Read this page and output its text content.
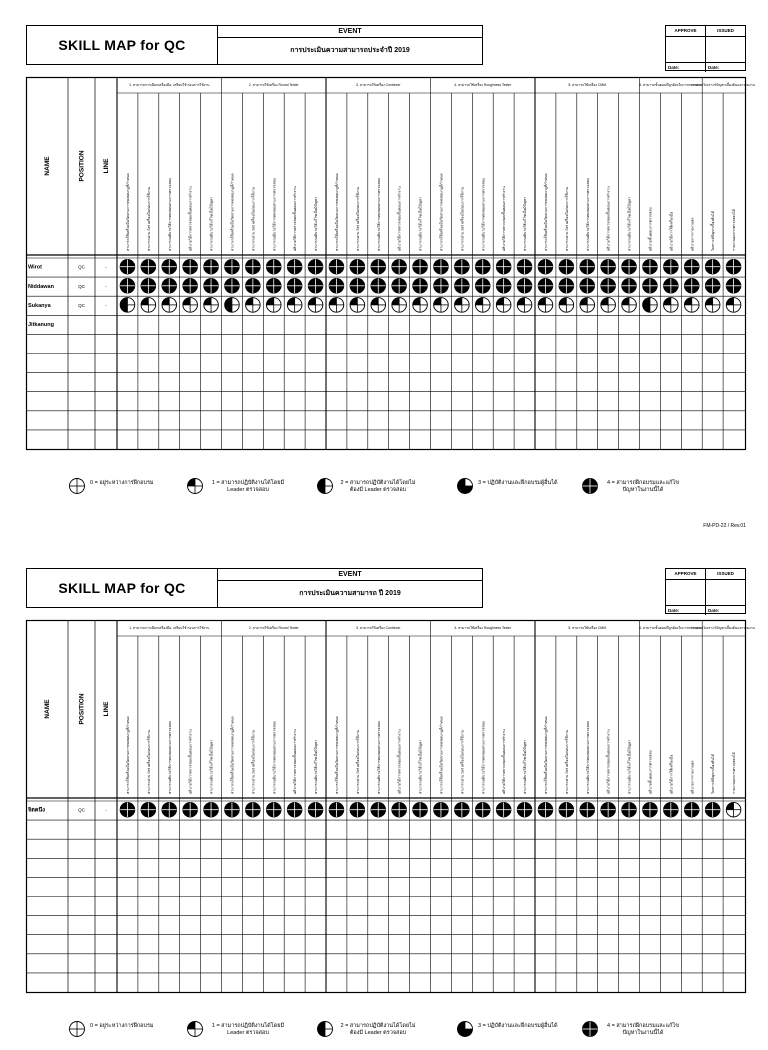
SKILL MAP for QC
EVENT
การประเมินความสามารถประจำปี 2019
APPROVE	ISSUED
Date:	Date:
NAME	POSITION	LINE
1. สามารถการเลือกเครื่องมือ, เตรียมใช้ ก่อนการใช้งาน	2. สามารถใช้เครื่อง Round Tester	3. สามารถใช้เครื่อง Contrecer	4. สามารถใช้เครื่อง Roughness Tester	5. สามารถใช้เครื่อง CMM	6. สามารถขั้นตอนที่ถูกต้องในการตรวจสอบ
สามารถวิเคราะห์ปัญหาเบื้องต้นและรายงาน
สามารถใช้เครื่องมือวัดตามการทดสอบกฎที่กำหนด	สามารถอ่าน Set เครื่องมือก่อนการใช้งาน	สามารถอธิบายวิธีการทดสอบตามการตรวจสอบ	อธิบายวิธีการตรวจสอบขั้นตอนการทำงาน	สามารถอธิบายวิธีแก้ไขเมื่อมีปัญหา	สามารถใช้เครื่องมือวัดตามการทดสอบกฎที่กำหนด	สามารถอ่าน Set เครื่องมือก่อนการใช้งาน	สามารถอธิบายวิธีการทดสอบตามการตรวจสอบ	อธิบายวิธีการตรวจสอบขั้นตอนการทำงาน	สามารถอธิบายวิธีแก้ไขเมื่อมีปัญหา	สามารถใช้เครื่องมือวัดตามการทดสอบกฎที่กำหนด	สามารถอ่าน Set เครื่องมือก่อนการใช้งาน	สามารถอธิบายวิธีการทดสอบตามการตรวจสอบ	อธิบายวิธีการตรวจสอบขั้นตอนการทำงาน	สามารถอธิบายวิธีแก้ไขเมื่อมีปัญหา	สามารถใช้เครื่องมือวัดตามการทดสอบกฎที่กำหนด	สามารถอ่าน Set เครื่องมือก่อนการใช้งาน	สามารถอธิบายวิธีการทดสอบตามการตรวจสอบ	อธิบายวิธีการตรวจสอบขั้นตอนการทำงาน	สามารถอธิบายวิธีแก้ไขเมื่อมีปัญหา	สามารถใช้เครื่องมือวัดตามการทดสอบกฎที่กำหนด	สามารถอ่าน Set เครื่องมือก่อนการใช้งาน	สามารถอธิบายวิธีการทดสอบตามการตรวจสอบ	อธิบายวิธีการตรวจสอบขั้นตอนการทำงาน	สามารถอธิบายวิธีแก้ไขเมื่อมีปัญหา	อธิบายขั้นตอนการตรวจสอบ	อธิบายวิธีการใช้เครื่องมือ	อธิบายการรายงานผล	วิเคราะห์ปัญหาเบื้องต้นได้	รายงานผลการตรวจสอบได้
Wirot	QC	-
Niddawan	QC	-
Sukanya	QC	-
Jitkanung
0 = อยู่ระหว่างการฝึกอบรม	1 = สามารถปฏิบัติงานได้โดยมี Leader ตรวจสอบ
2 = สามารถปฏิบัติงานได้โดยไม่ต้องมี Leader ตรวจสอบ
3 = ปฏิบัติงานและฝึกอบรมผู้อื่นได้	4 = สามารถฝึกอบรมและแก้ไขปัญหาในงานนี้ได้
FM-PD-22 / Rev.01
SKILL MAP for QC
EVENT
การประเมินความสามารถ ปี 2019
APPROVE	ISSUED
Date:	Date:
NAME	POSITION	LINE
1. สามารถการเลือกเครื่องมือ, เตรียมใช้ ก่อนการใช้งาน	2. สามารถใช้เครื่อง Round Tester	3. สามารถใช้เครื่อง Contrecer	4. สามารถใช้เครื่อง Roughness Tester	5. สามารถใช้เครื่อง CMM	6. สามารถขั้นตอนที่ถูกต้องในการตรวจสอบ
สามารถวิเคราะห์ปัญหาเบื้องต้นและรายงาน
สามารถใช้เครื่องมือวัดตามการทดสอบกฎที่กำหนด	สามารถอ่าน Set เครื่องมือก่อนการใช้งาน	สามารถอธิบายวิธีการทดสอบตามการตรวจสอบ	อธิบายวิธีการตรวจสอบขั้นตอนการทำงาน	สามารถอธิบายวิธีแก้ไขเมื่อมีปัญหา	สามารถใช้เครื่องมือวัดตามการทดสอบกฎที่กำหนด	สามารถอ่าน Set เครื่องมือก่อนการใช้งาน	สามารถอธิบายวิธีการทดสอบตามการตรวจสอบ	อธิบายวิธีการตรวจสอบขั้นตอนการทำงาน	สามารถอธิบายวิธีแก้ไขเมื่อมีปัญหา	สามารถใช้เครื่องมือวัดตามการทดสอบกฎที่กำหนด	สามารถอ่าน Set เครื่องมือก่อนการใช้งาน	สามารถอธิบายวิธีการทดสอบตามการตรวจสอบ	อธิบายวิธีการตรวจสอบขั้นตอนการทำงาน	สามารถอธิบายวิธีแก้ไขเมื่อมีปัญหา	สามารถใช้เครื่องมือวัดตามการทดสอบกฎที่กำหนด	สามารถอ่าน Set เครื่องมือก่อนการใช้งาน	สามารถอธิบายวิธีการทดสอบตามการตรวจสอบ	อธิบายวิธีการตรวจสอบขั้นตอนการทำงาน	สามารถอธิบายวิธีแก้ไขเมื่อมีปัญหา	สามารถใช้เครื่องมือวัดตามการทดสอบกฎที่กำหนด	สามารถอ่าน Set เครื่องมือก่อนการใช้งาน	สามารถอธิบายวิธีการทดสอบตามการตรวจสอบ	อธิบายวิธีการตรวจสอบขั้นตอนการทำงาน	สามารถอธิบายวิธีแก้ไขเมื่อมีปัญหา	อธิบายขั้นตอนการตรวจสอบ	อธิบายวิธีการใช้เครื่องมือ	อธิบายการรายงานผล	วิเคราะห์ปัญหาเบื้องต้นได้	รายงานผลการตรวจสอบได้
จิตคนึง	QC	-
0 = อยู่ระหว่างการฝึกอบรม	1 = สามารถปฏิบัติงานได้โดยมี Leader ตรวจสอบ
2 = สามารถปฏิบัติงานได้โดยไม่ต้องมี Leader ตรวจสอบ
3 = ปฏิบัติงานและฝึกอบรมผู้อื่นได้	4 = สามารถฝึกอบรมและแก้ไขปัญหาในงานนี้ได้
